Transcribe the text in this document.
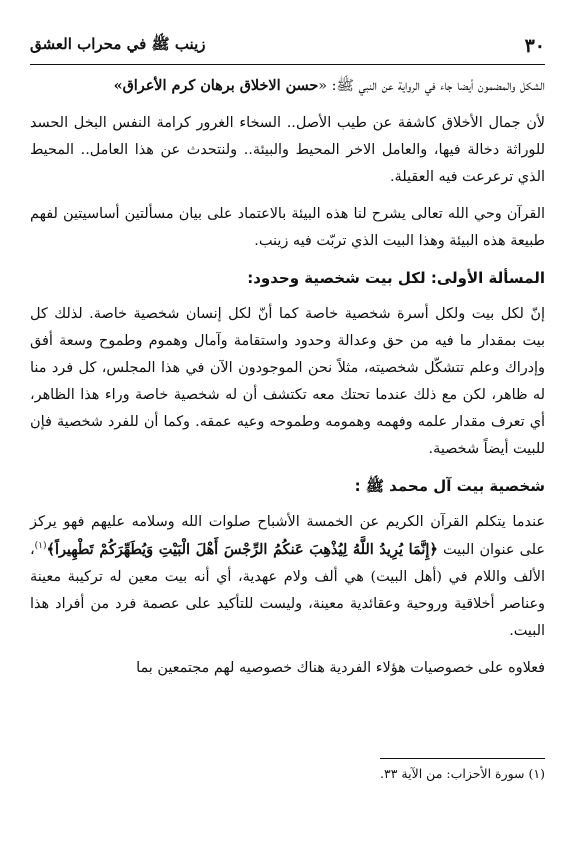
٣٠
زينب ﷺ في محراب العشق

الشكل والمضمون أيضا جاء في الرواية عن النبي ﷺ: «حسن الاخلاق برهان كرم الأعراق»

لأن جمال الأخلاق كاشفة عن طيب الأصل.. السخاء الغرور كرامة النفس البخل الحسد للوراثة دخالة فيها، والعامل الاخر المحيط والبيئة.. ولنتحدث عن هذا العامل.. المحيط الذي ترعرعت فيه العقيلة.

القرآن وحي الله تعالى يشرح لنا هذه البيئة بالاعتماد على بيان مسألتين أساسيتين لفهم طبيعة هذه البيئة وهذا البيت الذي تربّت فيه زينب.

المسألة الأولى: لكل بيت شخصية وحدود:

إنّ لكل بيت ولكل أسرة شخصية خاصة كما أنّ لكل إنسان شخصية خاصة. لذلك كل بيت بمقدار ما فيه من حق وعدالة وحدود واستقامة وآمال وهموم وطموح وسعة أفق وإدراك وعلم تتشكّل شخصيته، مثلاً نحن الموجودون الآن في هذا المجلس، كل فرد منا له ظاهر، لكن مع ذلك عندما تحتك معه تكتشف أن له شخصية خاصة وراء هذا الظاهر، أي تعرف مقدار علمه وفهمه وهمومه وطموحه وعيه عمقه. وكما أن للفرد شخصية فإن للبيت أيضاً شخصية.

شخصية بيت آل محمد ﷺ :

عندما يتكلم القرآن الكريم عن الخمسة الأشباح صلوات الله وسلامه عليهم فهو يركز على عنوان البيت ﴿إِنَّمَا يُرِيدُ اللَّهُ لِيُذْهِبَ عَنكُمُ الرِّجْسَ أَهْلَ الْبَيْتِ وَيُطَهِّرَكُمْ تَطْهِيراً﴾$^{(١)}$، الألف واللام في (أهل البيت) هي ألف ولام عهدية، أي أنه بيت معين له تركيبة معينة وعناصر أخلاقية وروحية وعقائدية معينة، وليست للتأكيد على عصمة فرد من أفراد هذا البيت.

فعلاوه على خصوصيات هؤلاء الفردية هناك خصوصيه لهم مجتمعين بما

(١) سورة الأحزاب: من الآية ٣٣.
